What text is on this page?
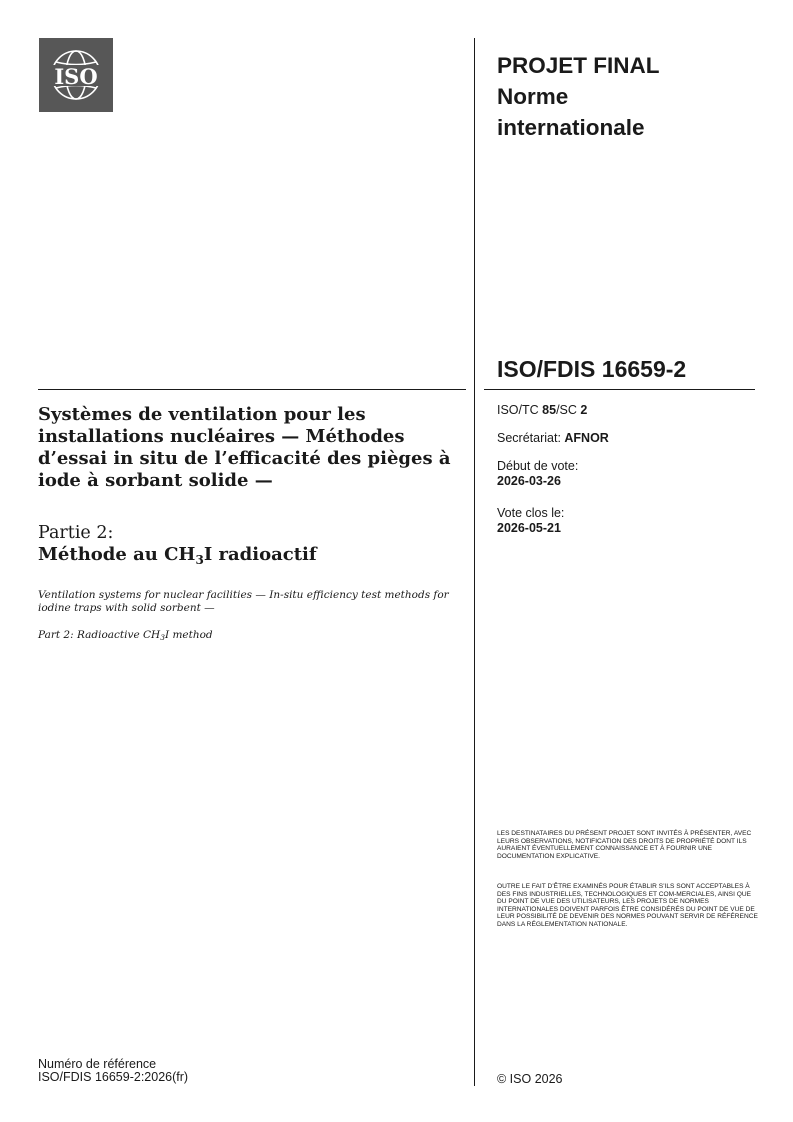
ISO	PROJET FINAL
Norme
internationale
ISO/FDIS 16659-2
ISO/TC 85/SC 2
Secrétariat: AFNOR
Début de vote:
2026-03-26
Vote clos le:
2026-05-21
Systèmes de ventilation pour les installations nucléaires — Méthodes d’essai in situ de l’efficacité des pièges à iode à sorbant solide —
Partie 2:
Méthode au $CH_3I$ radioactif
Ventilation systems for nuclear facilities — In-situ efficiency test methods for iodine traps with solid sorbent —
Part 2: Radioactive $CH_3I$ method
LES DESTINATAIRES DU PRÉSENT PROJET SONT INVITÉS À PRÉSENTER, AVEC LEURS OBSERVATIONS, NOTIFICATION DES DROITS DE PROPRIÉTÉ DONT ILS AURAIENT ÉVENTUELLEMENT CONNAISSANCE ET À FOURNIR UNE DOCUMENTATION EXPLICATIVE.
OUTRE LE FAIT D’ÊTRE EXAMINÉS POUR ÉTABLIR S’ILS SONT ACCEPTABLES À DES FINS INDUSTRIELLES, TECHNOLOGIQUES ET COM-MERCIALES, AINSI QUE DU POINT DE VUE DES UTILISATEURS, LES PROJETS DE NORMES INTERNATIONALES DOIVENT PARFOIS ÊTRE CONSIDÉRÉS DU POINT DE VUE DE LEUR POSSIBILITÉ DE DEVENIR DES NORMES POUVANT SERVIR DE RÉFÉRENCE DANS LA RÉGLEMENTATION NATIONALE.
Numéro de référence
ISO/FDIS 16659-2:2026(fr)	© ISO 2026
